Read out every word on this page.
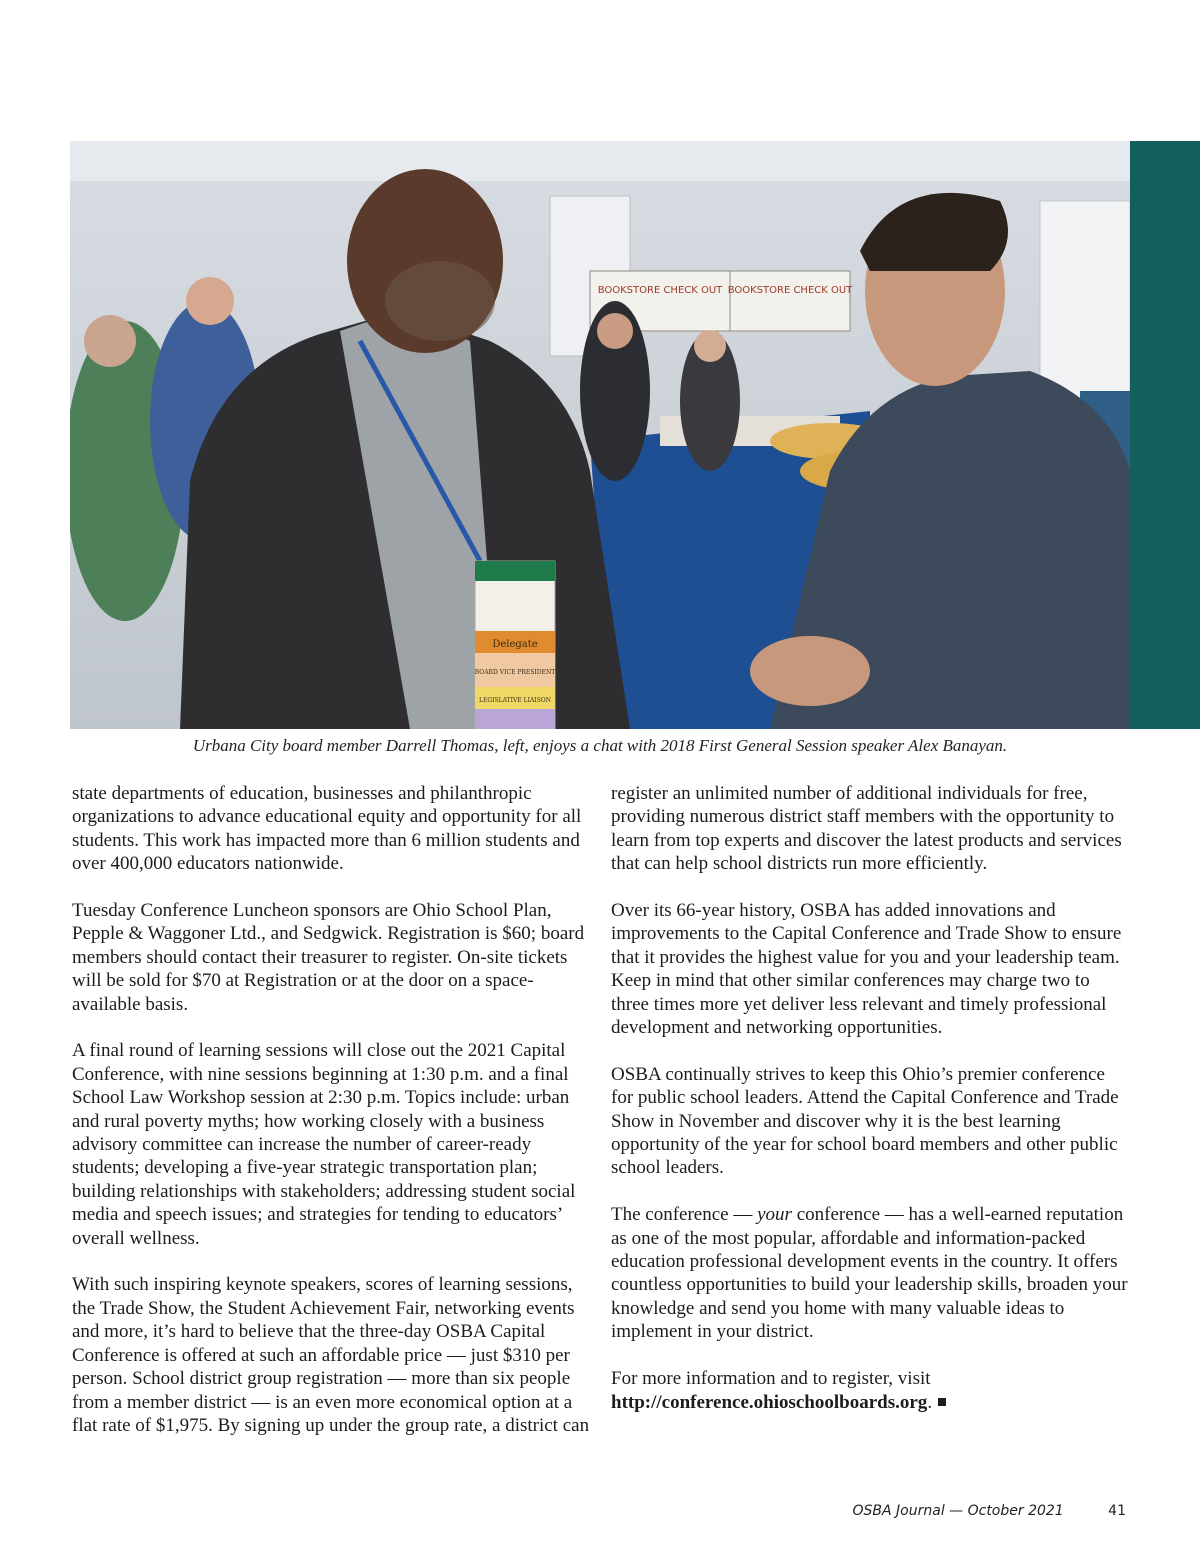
BOOKSTORE CHECK OUT BOOKSTORE CHECK OUT
Delegate
BOARD VICE PRESIDENT
LEGISLATIVE LIAISON
Urbana City board member Darrell Thomas, left, enjoys a chat with 2018 First General Session speaker Alex Banayan.

state departments of education, businesses and philanthropic organizations to advance educational equity and opportunity for all students. This work has impacted more than 6 million students and over 400,000 educators nationwide.

Tuesday Conference Luncheon sponsors are Ohio School Plan, Pepple & Waggoner Ltd., and Sedgwick. Registration is $60; board members should contact their treasurer to register. On-site tickets will be sold for $70 at Registration or at the door on a space-available basis.

A final round of learning sessions will close out the 2021 Capital Conference, with nine sessions beginning at 1:30 p.m. and a final School Law Workshop session at 2:30 p.m. Topics include: urban and rural poverty myths; how working closely with a business advisory committee can increase the number of career-ready students; developing a five-year strategic transportation plan; building relationships with stakeholders; addressing student social media and speech issues; and strategies for tending to educators’ overall wellness.

With such inspiring keynote speakers, scores of learning sessions, the Trade Show, the Student Achievement Fair, networking events and more, it’s hard to believe that the three-day OSBA Capital Conference is offered at such an affordable price — just $310 per person. School district group registration — more than six people from a member district — is an even more economical option at a flat rate of $1,975. By signing up under the group rate, a district can

register an unlimited number of additional individuals for free, providing numerous district staff members with the opportunity to learn from top experts and discover the latest products and services that can help school districts run more efficiently.

Over its 66-year history, OSBA has added innovations and improvements to the Capital Conference and Trade Show to ensure that it provides the highest value for you and your leadership team. Keep in mind that other similar conferences may charge two to three times more yet deliver less relevant and timely professional development and networking opportunities.

OSBA continually strives to keep this Ohio’s premier conference for public school leaders. Attend the Capital Conference and Trade Show in November and discover why it is the best learning opportunity of the year for school board members and other public school leaders.

The conference — your conference — has a well-earned reputation as one of the most popular, affordable and information-packed education professional development events in the country. It offers countless opportunities to build your leadership skills, broaden your knowledge and send you home with many valuable ideas to implement in your district.

For more information and to register, visit http://conference.ohioschoolboards.org.

OSBA Journal — October 2021	41
